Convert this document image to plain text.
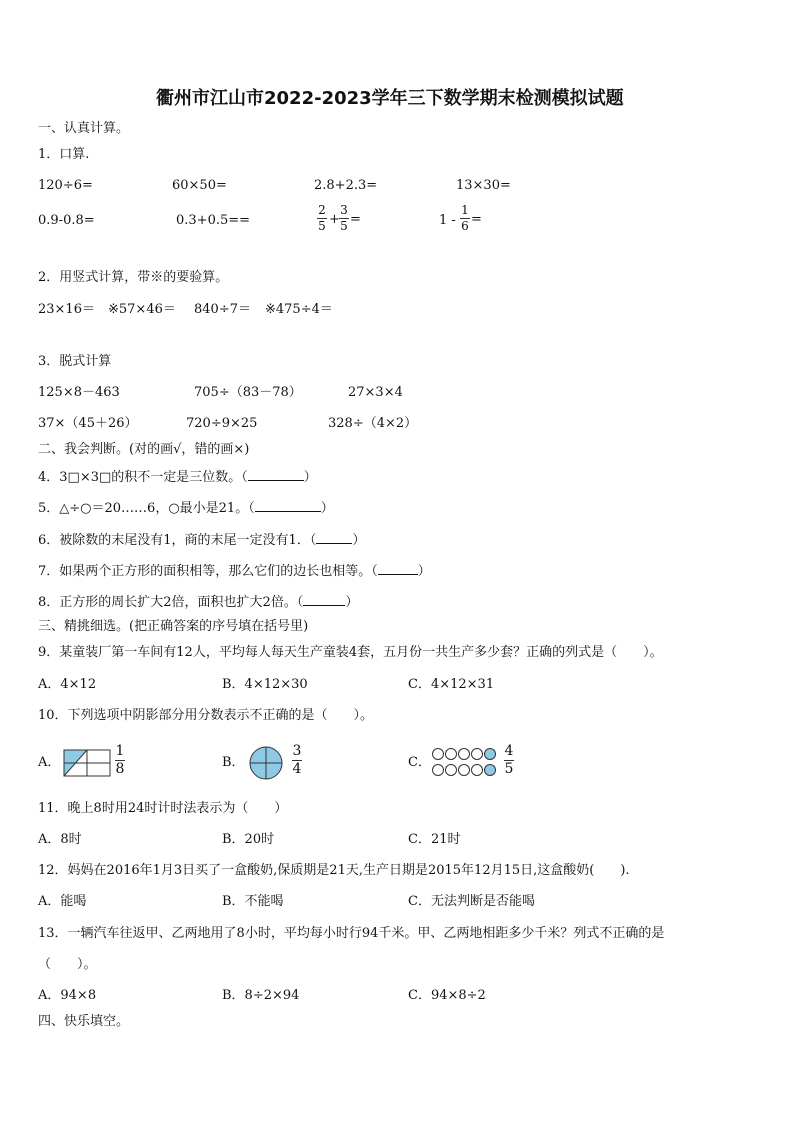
衢州市江山市2022-2023学年三下数学期末检测模拟试题
一、认真计算。
1．口算.
120÷6=	60×50=	2.8+2.3=	13×30=
0.9-0.8=	0.3+0.5==
2
5 +
3
5 =	1 -
1
6 =
2．用竖式计算，带※的要验算。
23×16＝ ※57×46＝ 840÷7＝ ※475÷4＝
3．脱式计算
125×8－463	705÷（83－78）	27×3×4
37×（45＋26）	720÷9×25	328÷（4×2）
二、我会判断。(对的画√，错的画×)
4．3□×3□的积不一定是三位数。（	）
5．△÷○＝20……6，○最小是21。（	）
6．被除数的末尾没有1，商的末尾一定没有1．（	）
7．如果两个正方形的面积相等，那么它们的边长也相等。（	）
8．正方形的周长扩大2倍，面积也扩大2倍。（	）
三、精挑细选。(把正确答案的序号填在括号里)
9．某童装厂第一车间有12人，平均每人每天生产童装4套，五月份一共生产多少套？正确的列式是（　　）。
A．4×12	B．4×12×30	C．4×12×31
10．下列选项中阴影部分用分数表示不正确的是（　　）。
A．
1
8	B．
3
4	C．
4
5
11．晚上8时用24时计时法表示为（　　）
A．8时	B．20时	C．21时
12．妈妈在2016年1月3日买了一盒酸奶,保质期是21天,生产日期是2015年12月15日,这盒酸奶(　　).
A．能喝	B．不能喝	C．无法判断是否能喝
13．一辆汽车往返甲、乙两地用了8小时，平均每小时行94千米。甲、乙两地相距多少千米？列式不正确的是
（　　）。
A．94×8	B．8÷2×94	C．94×8÷2
四、快乐填空。
